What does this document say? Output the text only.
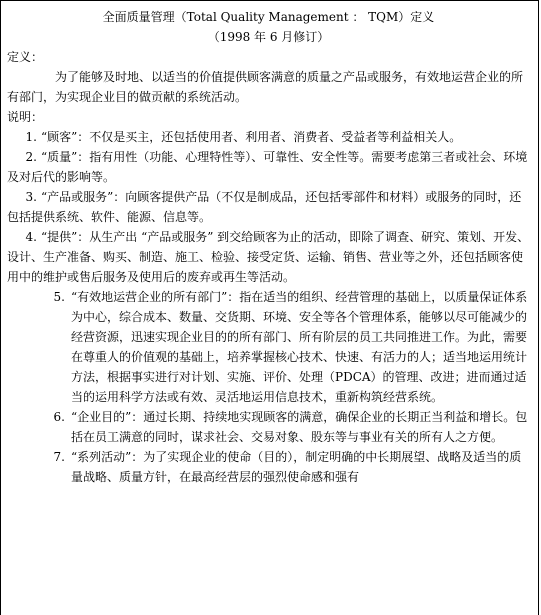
全面质量管理（Total Quality Management ： TQM）定义

（1998 年 6 月修订）

定义：

为了能够及时地、以适当的价值提供顾客满意的质量之产品或服务，有效地运营企业的所有部门，为实现企业目的做贡献的系统活动。

说明：

1. “顾客”：不仅是买主，还包括使用者、利用者、消费者、受益者等利益相关人。

2. “质量”：指有用性（功能、心理特性等）、可靠性、安全性等。需要考虑第三者或社会、环境及对后代的影响等。

3. “产品或服务”：向顾客提供产品（不仅是制成品，还包括零部件和材料）或服务的同时，还包括提供系统、软件、能源、信息等。

4. “提供”：从生产出 “产品或服务” 到交给顾客为止的活动，即除了调查、研究、策划、开发、设计、生产准备、购买、制造、施工、检验、接受定货、运输、销售、营业等之外，还包括顾客使用中的维护或售后服务及使用后的废弃或再生等活动。

5. “有效地运营企业的所有部门”：指在适当的组织、经营管理的基础上，以质量保证体系为中心，综合成本、数量、交货期、环境、安全等各个管理体系，能够以尽可能减少的经营资源，迅速实现企业目的的所有部门、所有阶层的员工共同推进工作。为此，需要在尊重人的价值观的基础上，培养掌握核心技术、快速、有活力的人；适当地运用统计方法，根据事实进行对计划、实施、评价、处理（PDCA）的管理、改进；进而通过适当的运用科学方法或有效、灵活地运用信息技术，重新构筑经营系统。
6. “企业目的”：通过长期、持续地实现顾客的满意，确保企业的长期正当利益和增长。包括在员工满意的同时，谋求社会、交易对象、股东等与事业有关的所有人之方便。
7. “系列活动”：为了实现企业的使命（目的），制定明确的中长期展望、战略及适当的质量战略、质量方针，在最高经营层的强烈使命感和强有
